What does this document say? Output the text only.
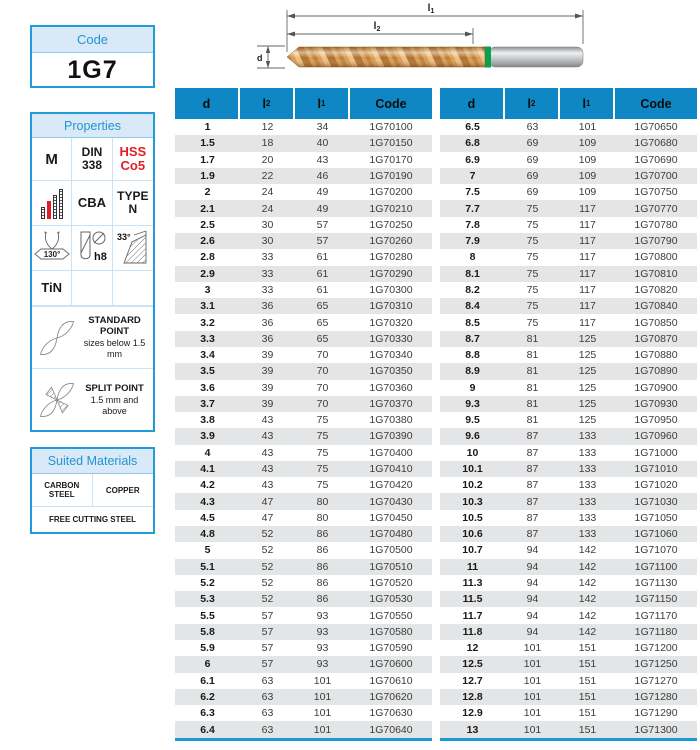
$l_1$
$l_2$
d
Code
1G7
Properties
M	DIN
338
HSS
Co5
CBA TYPE
N
130°	h8
33°
TiN
STANDARD POINT
sizes below 1.5 mm
SPLIT POINT
1.5 mm and above
Suited Materials
CARBON STEEL	COPPER
FREE CUTTING STEEL
d	l 2	l 1	Code
1	12	34	1G70100
1.5	18	40	1G70150
1.7	20	43	1G70170
1.9	22	46	1G70190
2	24	49	1G70200
2.1	24	49	1G70210
2.5	30	57	1G70250
2.6	30	57	1G70260
2.8	33	61	1G70280
2.9	33	61	1G70290
3	33	61	1G70300
3.1	36	65	1G70310
3.2	36	65	1G70320
3.3	36	65	1G70330
3.4	39	70	1G70340
3.5	39	70	1G70350
3.6	39	70	1G70360
3.7	39	70	1G70370
3.8	43	75	1G70380
3.9	43	75	1G70390
4	43	75	1G70400
4.1	43	75	1G70410
4.2	43	75	1G70420
4.3	47	80	1G70430
4.5	47	80	1G70450
4.8	52	86	1G70480
5	52	86	1G70500
5.1	52	86	1G70510
5.2	52	86	1G70520
5.3	52	86	1G70530
5.5	57	93	1G70550
5.8	57	93	1G70580
5.9	57	93	1G70590
6	57	93	1G70600
6.1	63	101	1G70610
6.2	63	101	1G70620
6.3	63	101	1G70630
6.4	63	101	1G70640
d	l 2	l 1	Code
6.5	63	101	1G70650
6.8	69	109	1G70680
6.9	69	109	1G70690
7	69	109	1G70700
7.5	69	109	1G70750
7.7	75	117	1G70770
7.8	75	117	1G70780
7.9	75	117	1G70790
8	75	117	1G70800
8.1	75	117	1G70810
8.2	75	117	1G70820
8.4	75	117	1G70840
8.5	75	117	1G70850
8.7	81	125	1G70870
8.8	81	125	1G70880
8.9	81	125	1G70890
9	81	125	1G70900
9.3	81	125	1G70930
9.5	81	125	1G70950
9.6	87	133	1G70960
10	87	133	1G71000
10.1	87	133	1G71010
10.2	87	133	1G71020
10.3	87	133	1G71030
10.5	87	133	1G71050
10.6	87	133	1G71060
10.7	94	142	1G71070
11	94	142	1G71100
11.3	94	142	1G71130
11.5	94	142	1G71150
11.7	94	142	1G71170
11.8	94	142	1G71180
12	101	151	1G71200
12.5	101	151	1G71250
12.7	101	151	1G71270
12.8	101	151	1G71280
12.9	101	151	1G71290
13	101	151	1G71300
